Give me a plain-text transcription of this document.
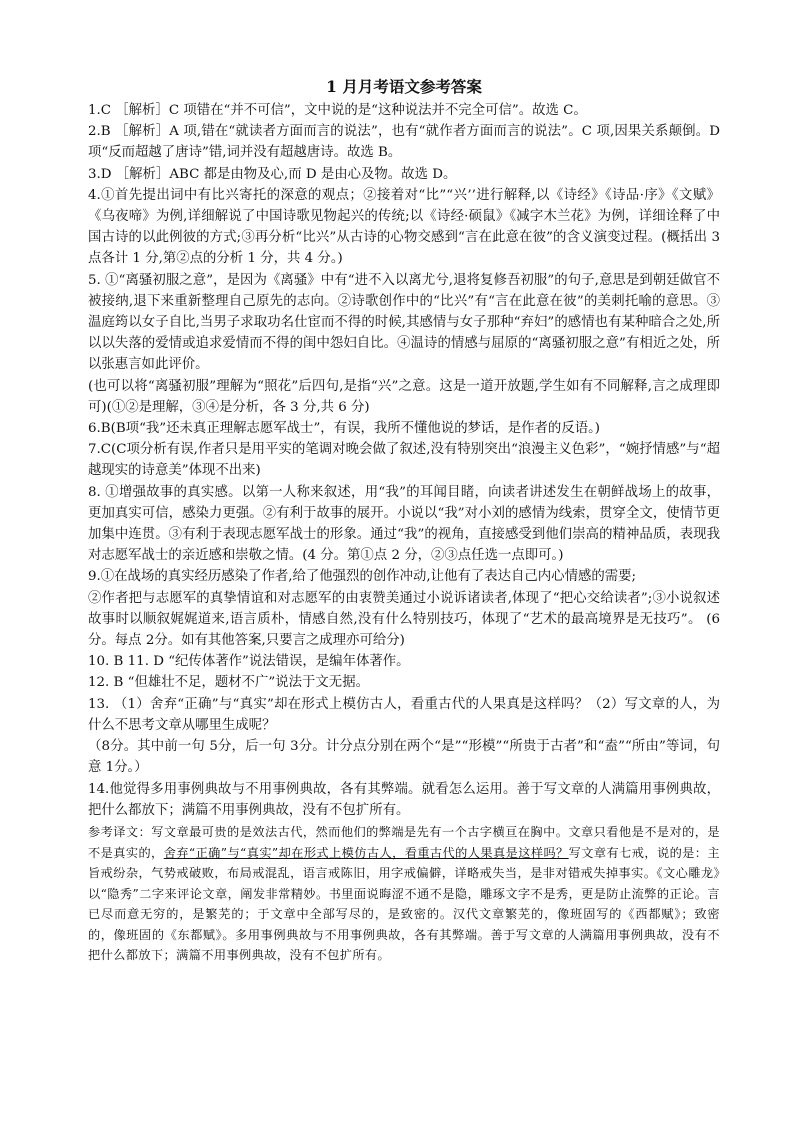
1 月月考语文参考答案

1.C ［解析］C 项错在“并不可信”，文中说的是“这种说法并不完全可信”。故选 C。

2.B ［解析］A 项,错在“就读者方面而言的说法”，也有“就作者方面而言的说法”。C 项,因果关系颠倒。D 项“反而超越了唐诗”错,词并没有超越唐诗。故选 B。

3.D ［解析］ABC 都是由物及心,而 D 是由心及物。故选 D。

4.①首先提出词中有比兴寄托的深意的观点；②接着对“比”“兴’’进行解释,以《诗经》《诗品·序》《文赋》《乌夜啼》为例,详细解说了中国诗歌见物起兴的传统;以《诗经·硕鼠》《减字木兰花》为例，详细诠释了中国古诗的以此例彼的方式;③再分析“比兴”从古诗的心物交感到“言在此意在彼”的含义演变过程。(概括出 3 点各计 1 分,第②点的分析 1 分，共 4 分。)

5. ①“离骚初服之意”，是因为《离骚》中有“进不入以离尤兮,退将复修吾初服”的句子,意思是到朝廷做官不被接纳,退下来重新整理自己原先的志向。②诗歌创作中的“比兴”有“言在此意在彼”的美刺托喻的意思。③温庭筠以女子自比,当男子求取功名仕宦而不得的时候,其感情与女子那种“弃妇”的感情也有某种暗合之处,所以以失落的爱情或追求爱情而不得的闺中怨妇自比。④温诗的情感与屈原的“离骚初服之意”有相近之处，所以张惠言如此评价。

(也可以将“离骚初服”理解为“照花”后四句,是指“兴”之意。这是一道开放题,学生如有不同解释,言之成理即可)(①②是理解，③④是分析，各 3 分,共 6 分)

6.B(B项“我”还未真正理解志愿军战士”，有误，我所不懂他说的梦话，是作者的反语。)

7.C(C项分析有误,作者只是用平实的笔调对晚会做了叙述,没有特别突出“浪漫主义色彩”，“婉抒情感”与“超越现实的诗意美”体现不出来)

8. ①增强故事的真实感。以第一人称来叙述，用“我”的耳闻目睹，向读者讲述发生在朝鲜战场上的故事，更加真实可信，感染力更强。②有利于故事的展开。小说以“我”对小刘的感情为线索，贯穿全文，使情节更加集中连贯。③有利于表现志愿军战士的形象。通过“我”的视角，直接感受到他们崇高的精神品质，表现我对志愿军战士的亲近感和崇敬之情。(4 分。第①点 2 分，②③点任选一点即可。)

9.①在战场的真实经历感染了作者,给了他强烈的创作冲动,让他有了表达自己内心情感的需要;

②作者把与志愿军的真挚情谊和对志愿军的由衷赞美通过小说诉诸读者,体现了“把心交给读者”;③小说叙述故事时以顺叙娓娓道来,语言质朴，情感自然,没有什么特别技巧，体现了“艺术的最高境界是无技巧”。 (6分。每点 2分。如有其他答案,只要言之成理亦可给分)

10. B 11. D “纪传体著作”说法错误，是编年体著作。

12. B “但雄壮不足，题材不广”说法于文无据。

13. （1）舍弃“正确”与“真实”却在形式上模仿古人，看重古代的人果真是这样吗？（2）写文章的人，为什么不思考文章从哪里生成呢？

（8分。其中前一句 5分，后一句 3分。计分点分别在两个“是”“形模”“所贵于古者”和“盍”“所由”等词，句意 1分。）

14.他觉得多用事例典故与不用事例典故，各有其弊端。就看怎么运用。善于写文章的人满篇用事例典故，把什么都放下；满篇不用事例典故，没有不包扩所有。

参考译文：写文章最可贵的是效法古代，然而他们的弊端是先有一个古字横亘在胸中。文章只看他是不是对的，是不是真实的，舍弃“正确”与“真实”却在形式上模仿古人，看重古代的人果真是这样吗？写文章有七戒，说的是：主旨戒纷杂，气势戒破败，布局戒混乱，语言戒陈旧，用字戒偏僻，详略戒失当，是非对错戒失掉事实。《文心雕龙》以“隐秀”二字来评论文章，阐发非常精妙。书里面说晦涩不通不是隐，雕琢文字不是秀，更是防止流弊的正论。言已尽而意无穷的，是繁芜的；于文章中全部写尽的，是致密的。汉代文章繁芜的，像班固写的《西都赋》；致密的，像班固的《东都赋》。多用事例典故与不用事例典故，各有其弊端。善于写文章的人满篇用事例典故，没有不把什么都放下；满篇不用事例典故，没有不包扩所有。
